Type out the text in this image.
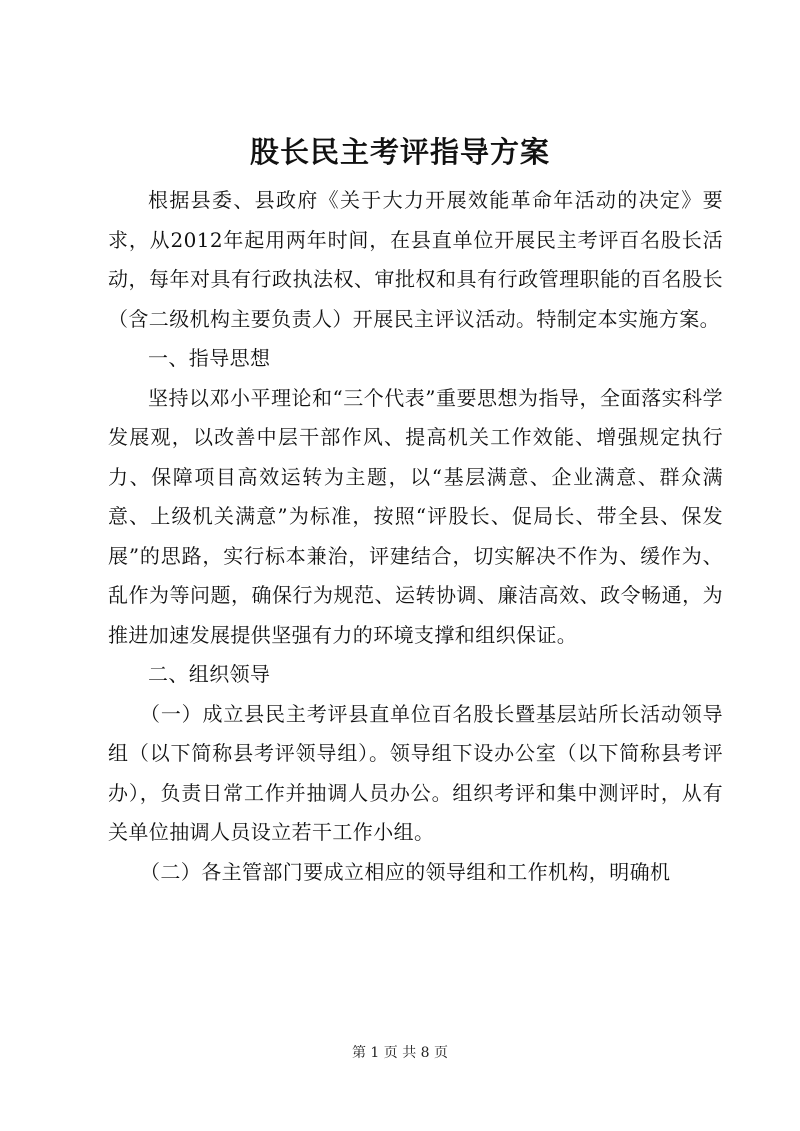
股长民主考评指导方案

根据县委、县政府《关于大力开展效能革命年活动的决定》要求，从2012年起用两年时间，在县直单位开展民主考评百名股长活动，每年对具有行政执法权、审批权和具有行政管理职能的百名股长（含二级机构主要负责人）开展民主评议活动。特制定本实施方案。

一、指导思想

坚持以邓小平理论和“三个代表”重要思想为指导，全面落实科学发展观，以改善中层干部作风、提高机关工作效能、增强规定执行力、保障项目高效运转为主题，以“基层满意、企业满意、群众满意、上级机关满意”为标准，按照“评股长、促局长、带全县、保发展”的思路，实行标本兼治，评建结合，切实解决不作为、缓作为、乱作为等问题，确保行为规范、运转协调、廉洁高效、政令畅通，为推进加速发展提供坚强有力的环境支撑和组织保证。

二、组织领导

（一）成立县民主考评县直单位百名股长暨基层站所长活动领导组（以下简称县考评领导组）。领导组下设办公室（以下简称县考评办），负责日常工作并抽调人员办公。组织考评和集中测评时，从有关单位抽调人员设立若干工作小组。

（二）各主管部门要成立相应的领导组和工作机构，明确机

第 1 页 共 8 页
